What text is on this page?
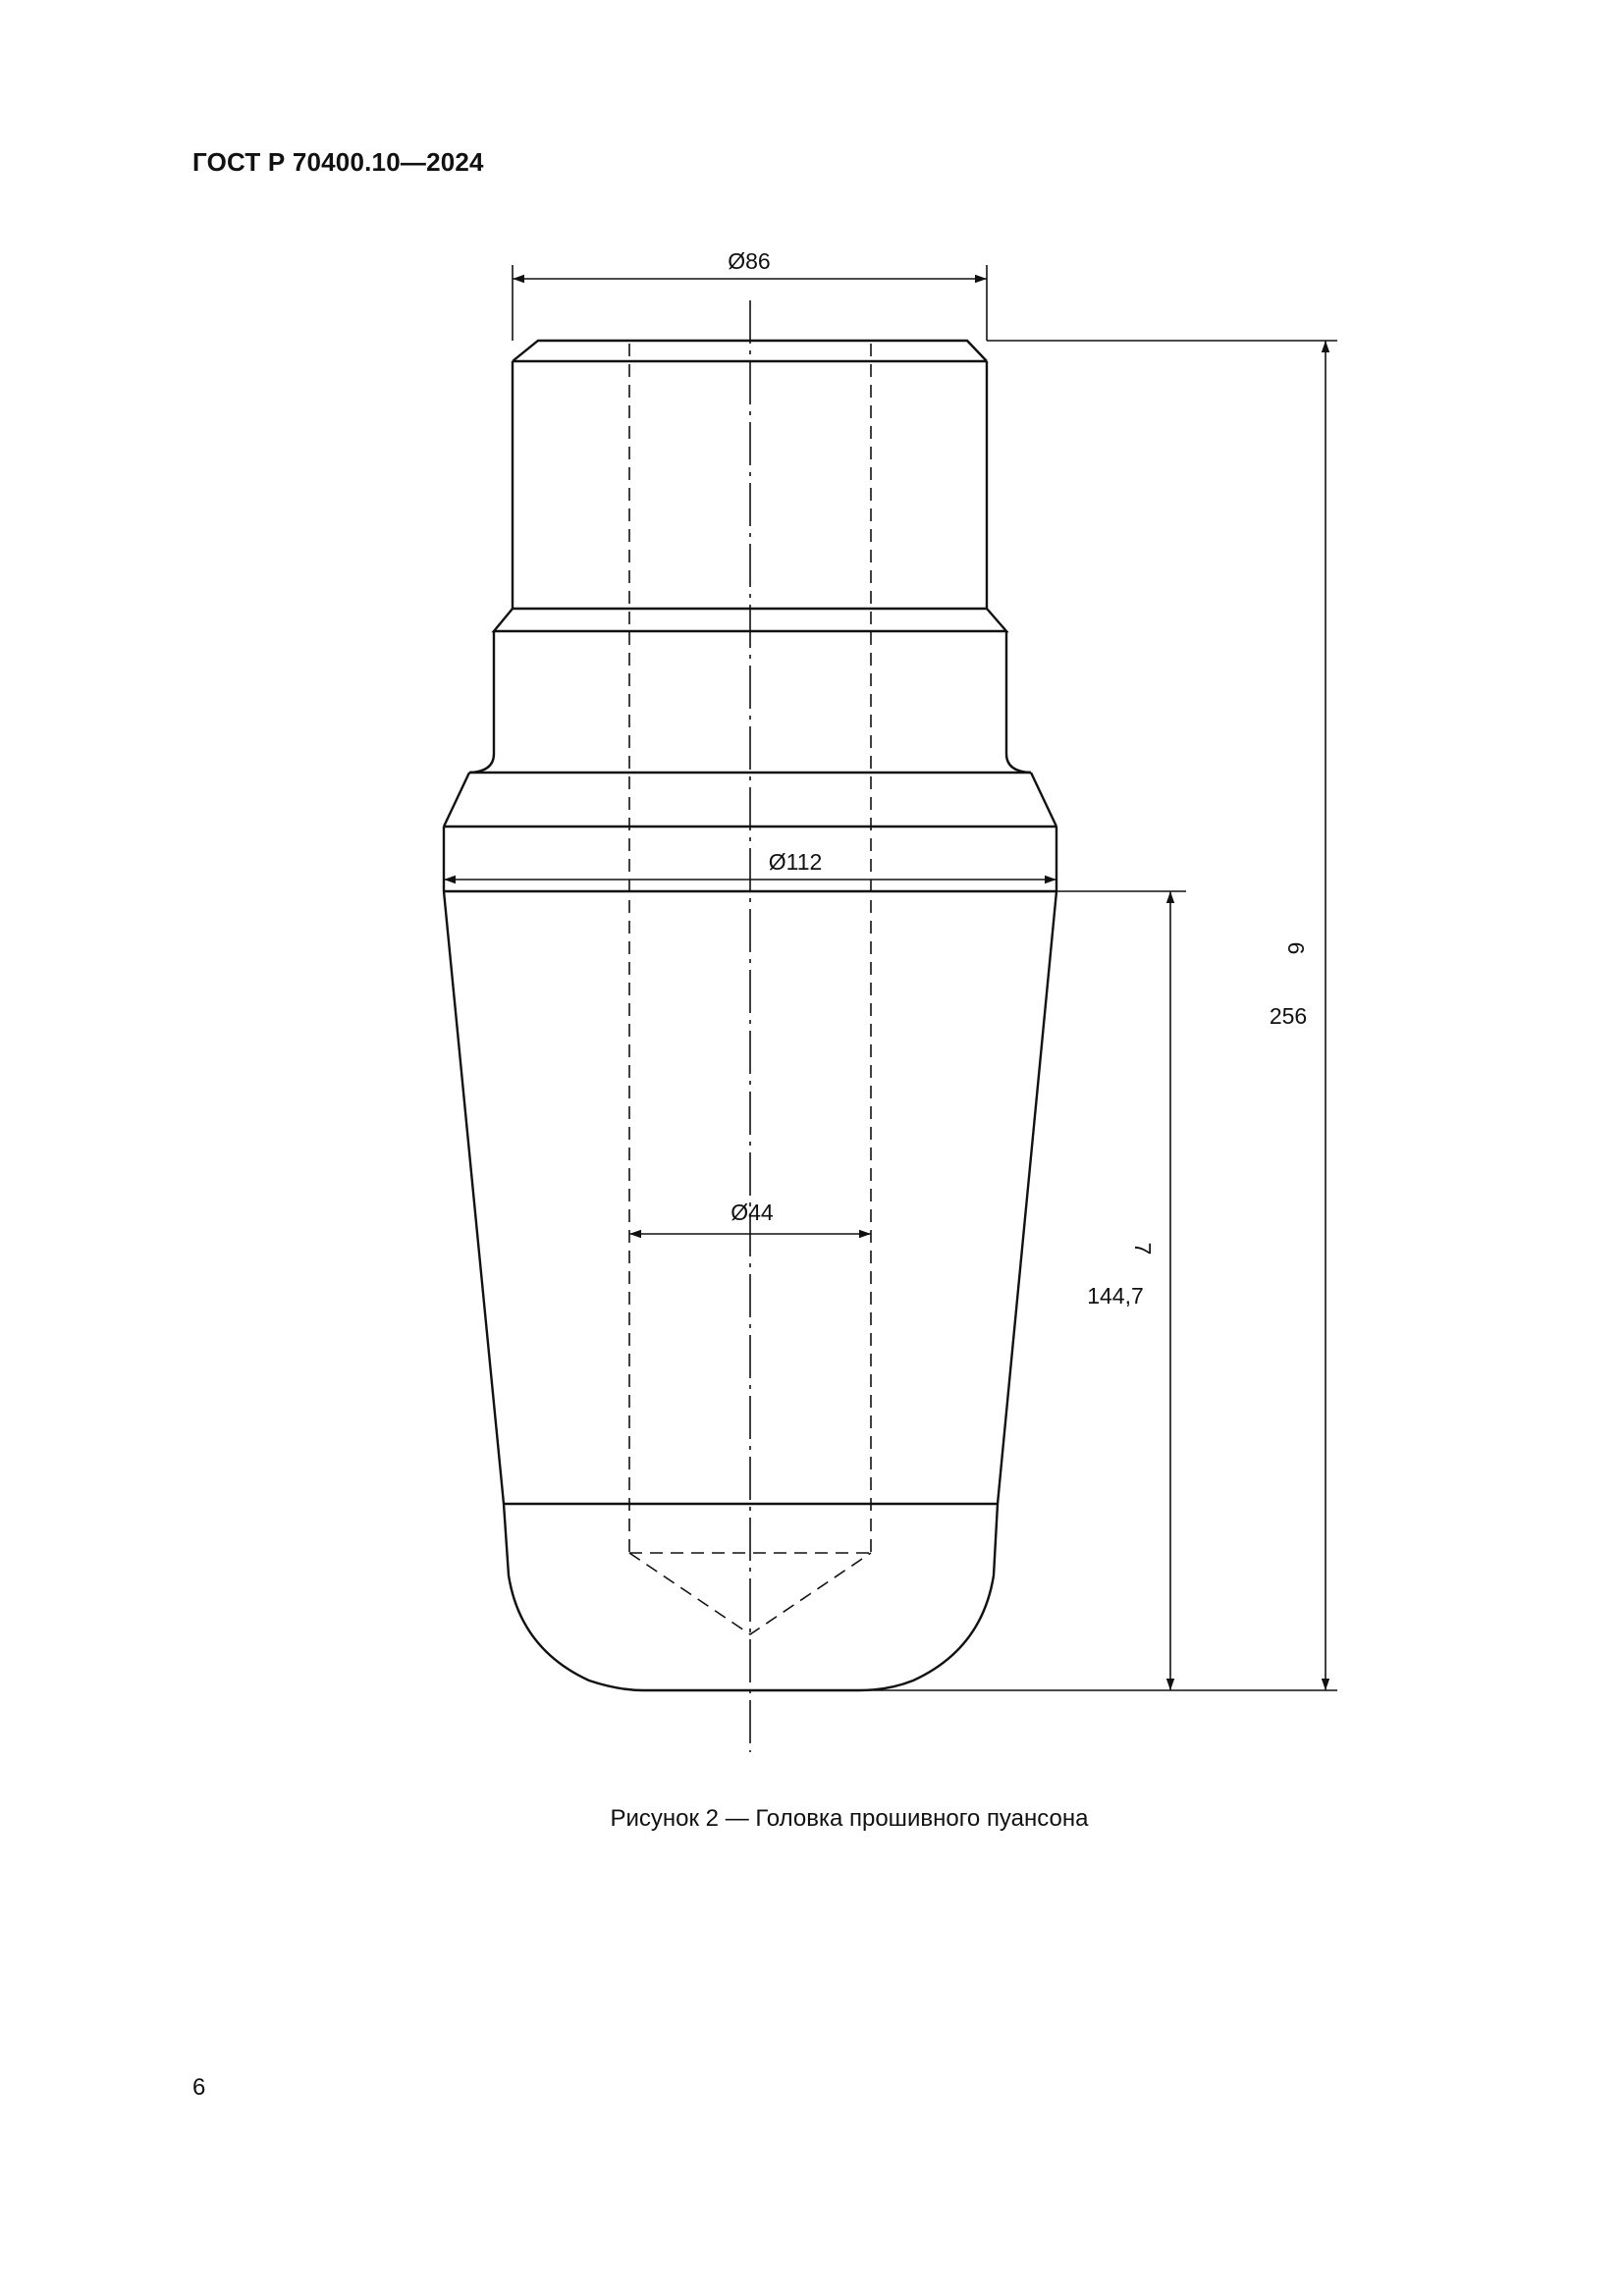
ГОСТ Р 70400.10—2024
Ø86
Ø112
Ø44
6
256
7
144,7
Рисунок 2 — Головка прошивного пуансона
6
